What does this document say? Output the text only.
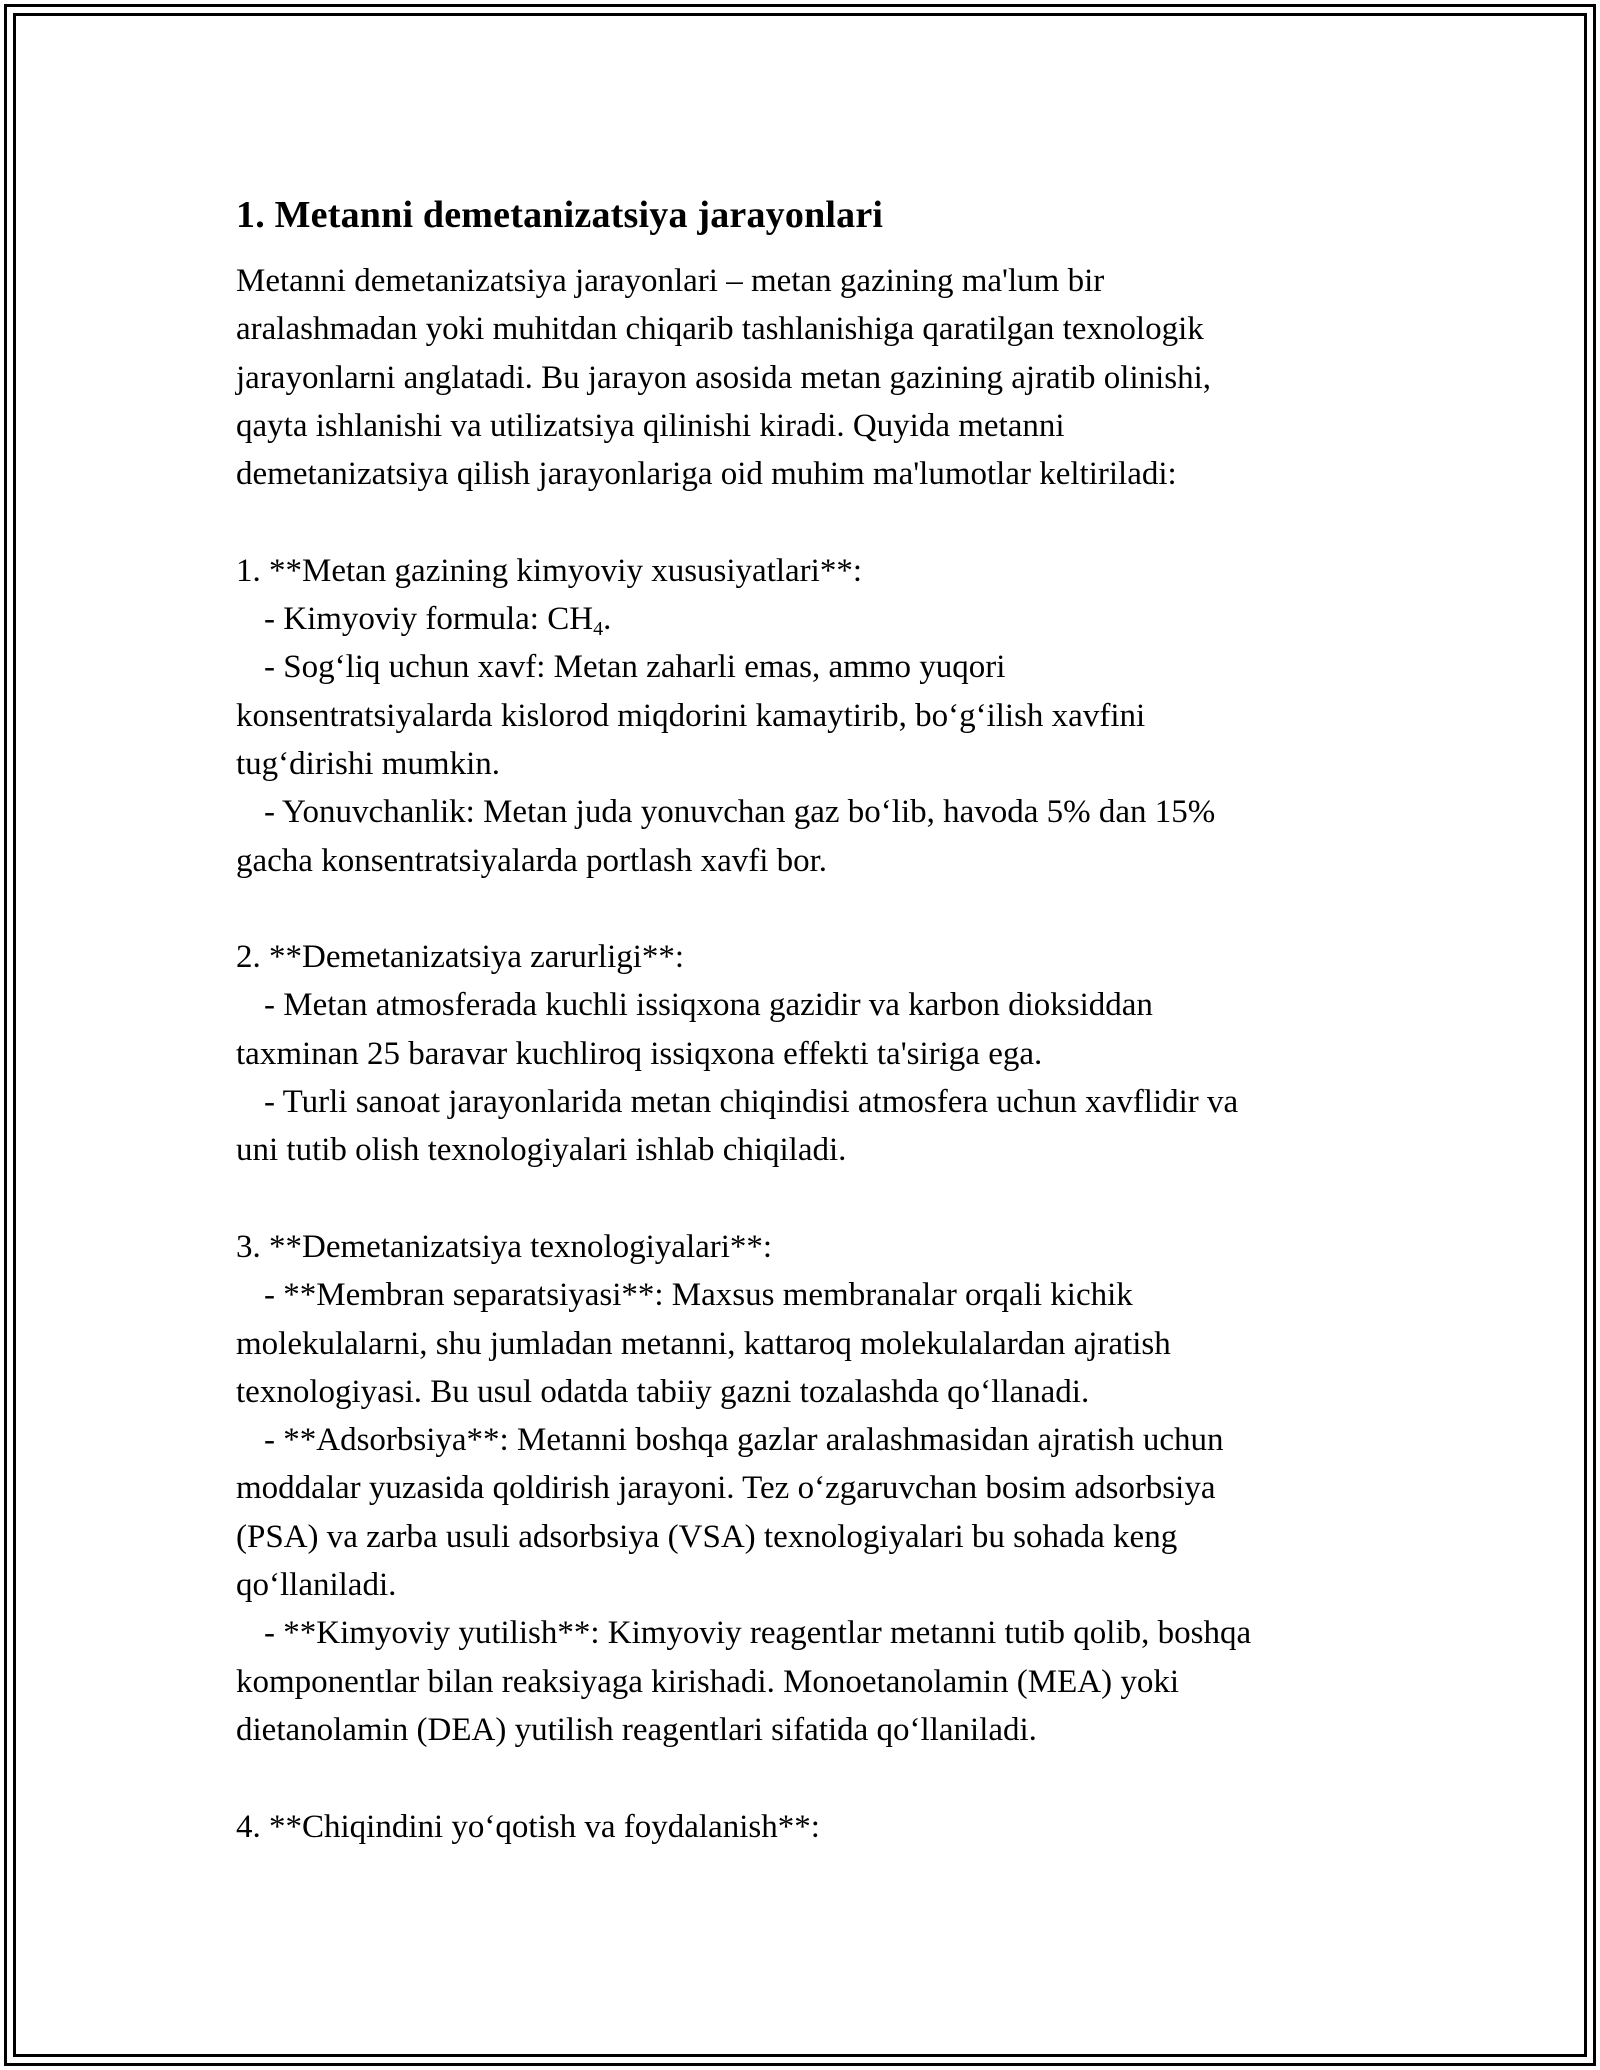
1. Metanni demetanizatsiya jarayonlari
Metanni demetanizatsiya jarayonlari – metan gazining ma'lum bir
aralashmadan yoki muhitdan chiqarib tashlanishiga qaratilgan texnologik
jarayonlarni anglatadi. Bu jarayon asosida metan gazining ajratib olinishi,
qayta ishlanishi va utilizatsiya qilinishi kiradi. Quyida metanni
demetanizatsiya qilish jarayonlariga oid muhim ma'lumotlar keltiriladi:
1. **Metan gazining kimyoviy xususiyatlari**:
- Kimyoviy formula: $CH_4$.
- Sog‘liq uchun xavf: Metan zaharli emas, ammo yuqori
konsentratsiyalarda kislorod miqdorini kamaytirib, bo‘g‘ilish xavfini
tug‘dirishi mumkin.
- Yonuvchanlik: Metan juda yonuvchan gaz bo‘lib, havoda 5% dan 15%
gacha konsentratsiyalarda portlash xavfi bor.
2. **Demetanizatsiya zarurligi**:
- Metan atmosferada kuchli issiqxona gazidir va karbon dioksiddan
taxminan 25 baravar kuchliroq issiqxona effekti ta'siriga ega.
- Turli sanoat jarayonlarida metan chiqindisi atmosfera uchun xavflidir va
uni tutib olish texnologiyalari ishlab chiqiladi.
3. **Demetanizatsiya texnologiyalari**:
- **Membran separatsiyasi**: Maxsus membranalar orqali kichik
molekulalarni, shu jumladan metanni, kattaroq molekulalardan ajratish
texnologiyasi. Bu usul odatda tabiiy gazni tozalashda qo‘llanadi.
- **Adsorbsiya**: Metanni boshqa gazlar aralashmasidan ajratish uchun
moddalar yuzasida qoldirish jarayoni. Tez o‘zgaruvchan bosim adsorbsiya
(PSA) va zarba usuli adsorbsiya (VSA) texnologiyalari bu sohada keng
qo‘llaniladi.
- **Kimyoviy yutilish**: Kimyoviy reagentlar metanni tutib qolib, boshqa
komponentlar bilan reaksiyaga kirishadi. Monoetanolamin (MEA) yoki
dietanolamin (DEA) yutilish reagentlari sifatida qo‘llaniladi.
4. **Chiqindini yo‘qotish va foydalanish**:
